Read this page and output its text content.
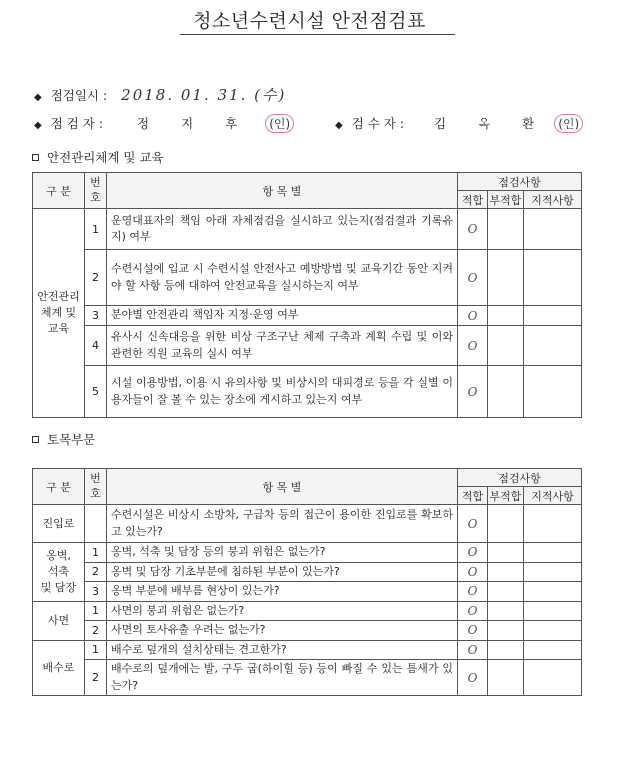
청소년수련시설 안전점검표
◆ 점검일시 : 2018. 01. 31. (수)
◆ 점 검 자 :	정 지 후 (인)	◆ 검 수 자 : 김 옥 환 (인)
안전관리체계 및 교육
구 분	번
호	항 목 별	점검사항		
			적합	부적합	지적사항
안전관리
체계 및
교육	1	운영대표자의 책임 아래 자체점검을 실시하고 있는지(점검결과 기록유지) 여부	O		
	2	수련시설에 입교 시 수련시설 안전사고 예방방법 및 교육기간 동안 지켜야 할 사항 등에 대하여 안전교육을 실시하는지 여부	O		
	3	분야별 안전관리 책임자 지정·운영 여부	O		
	4	유사시 신속대응을 위한 비상 구조구난 체제 구축과 계획 수립 및 이와 관련한 직원 교육의 실시 여부	O		
	5	시설 이용방법, 이용 시 유의사항 및 비상시의 대피경로 등을 각 실별 이용자들이 잘 볼 수 있는 장소에 게시하고 있는지 여부	O		
토목부문
구 분	번
호	항 목 별	점검사항		
			적합	부적합	지적사항
진입로		수련시설은 비상시 소방차, 구급차 등의 접근이 용이한 진입로를 확보하고 있는가?	O		
옹벽,
석축
및 담장	1	옹벽, 석축 및 담장 등의 붕괴 위험은 없는가?	O		
	2	옹벽 및 담장 기초부분에 침하된 부분이 있는가?	O		
	3	옹벽 부분에 배부름 현상이 있는가?	O		
사면	1	사면의 붕괴 위험은 없는가?	O		
	2	사면의 토사유출 우려는 없는가?	O		
배수로	1	배수로 덮개의 설치상태는 견고한가?	O		
	2	배수로의 덮개에는 발, 구두 굽(하이힐 등) 등이 빠질 수 있는 틈새가 있는가?	O		
